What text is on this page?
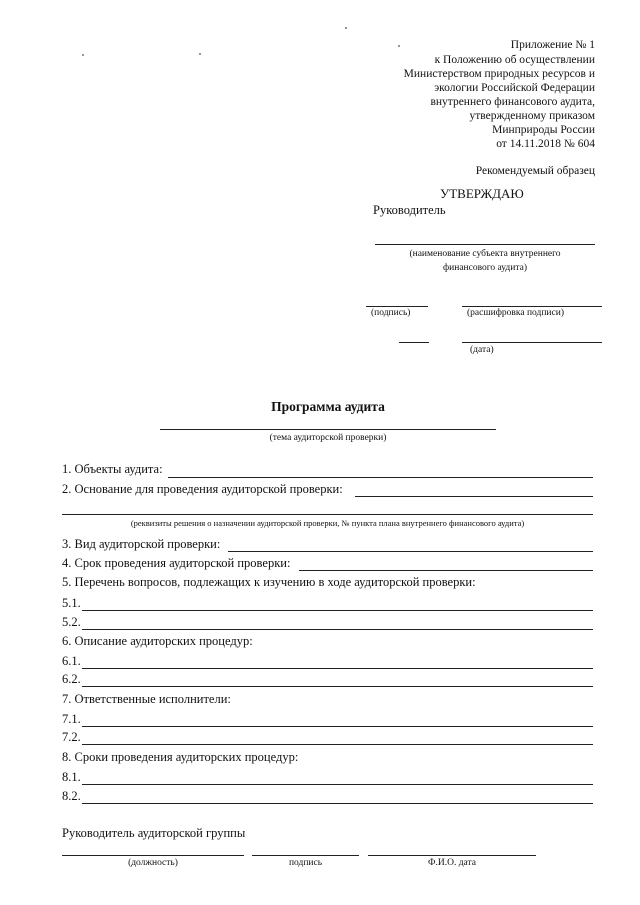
Приложение № 1
к Положению об осуществлении
Министерством природных ресурсов и
экологии Российской Федерации
внутреннего финансового аудита,
утвержденному приказом
Минприроды России
от 14.11.2018 № 604
Рекомендуемый образец
УТВЕРЖДАЮ
Руководитель
(наименование субъекта внутреннего
финансового аудита)
(подпись)	(расшифровка подписи)
(дата)
Программа аудита
(тема аудиторской проверки)
1. Объекты аудита:
2. Основание для проведения аудиторской проверки:
(реквизиты решения о назначении аудиторской проверки, № пункта плана внутреннего финансового аудита)
3. Вид аудиторской проверки:
4. Срок проведения аудиторской проверки:
5. Перечень вопросов, подлежащих к изучению в ходе аудиторской проверки:
5.1.
5.2.
6. Описание аудиторских процедур:
6.1.
6.2.
7. Ответственные исполнители:
7.1.
7.2.
8. Сроки проведения аудиторских процедур:
8.1.
8.2.
Руководитель аудиторской группы
(должность)	подпись	Ф.И.О. дата
